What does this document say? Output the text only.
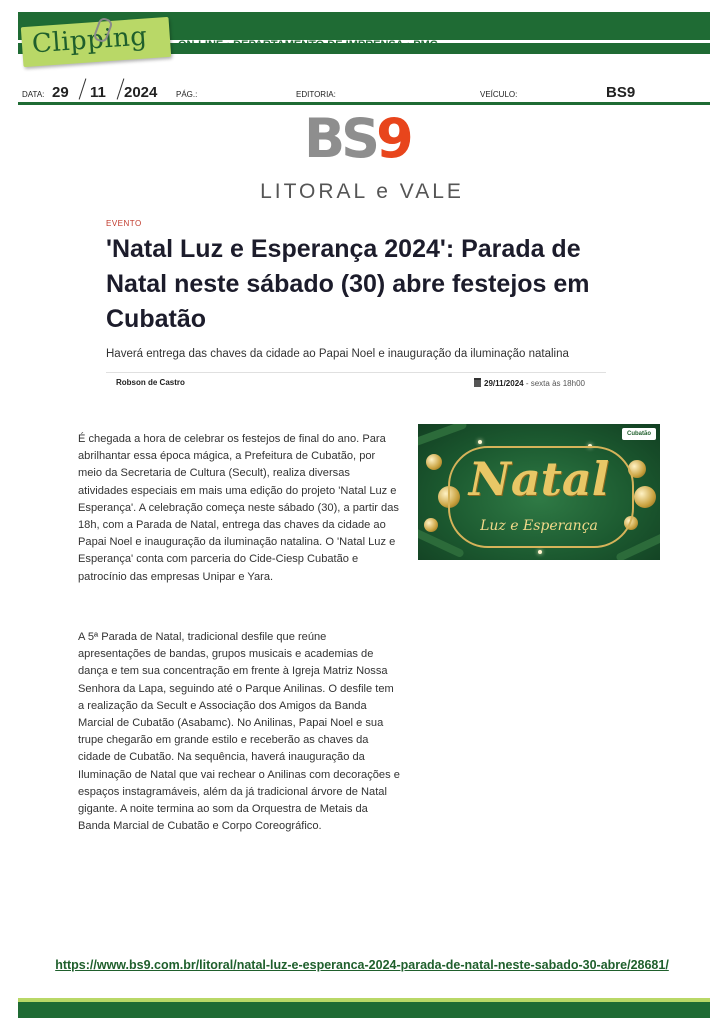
Clipping	ON-LINE • DEPARTAMENTO DE IMPRENSA • PMC
DATA: 29 11 2024 PÁG.:	EDITORIA:	VEÍCULO:	BS9
BS9
LITORAL e VALE
EVENTO
'Natal Luz e Esperança 2024': Parada de Natal neste sábado (30) abre festejos em Cubatão
Haverá entrega das chaves da cidade ao Papai Noel e inauguração da iluminação natalina
Robson de Castro	29/11/2024 - sexta às 18h00

É chegada a hora de celebrar os festejos de final do ano. Para abrilhantar essa época mágica, a Prefeitura de Cubatão, por meio da Secretaria de Cultura (Secult), realiza diversas atividades especiais em mais uma edição do projeto 'Natal Luz e Esperança'. A celebração começa neste sábado (30), a partir das 18h, com a Parada de Natal, entrega das chaves da cidade ao Papai Noel e inauguração da iluminação natalina. O 'Natal Luz e Esperança' conta com parceria do Cide-Ciesp Cubatão e patrocínio das empresas Unipar e Yara.

A 5ª Parada de Natal, tradicional desfile que reúne apresentações de bandas, grupos musicais e academias de dança e tem sua concentração em frente à Igreja Matriz Nossa Senhora da Lapa, seguindo até o Parque Anilinas. O desfile tem a realização da Secult e Associação dos Amigos da Banda Marcial de Cubatão (Asabamc). No Anilinas, Papai Noel e sua trupe chegarão em grande estilo e receberão as chaves da cidade de Cubatão. Na sequência, haverá inauguração da Iluminação de Natal que vai rechear o Anilinas com decorações e espaços instagramáveis, além da já tradicional árvore de Natal gigante. A noite termina ao som da Orquestra de Metais da Banda Marcial de Cubatão e Corpo Coreográfico.

Natal
Luz e Esperança
Cubatão
https://www.bs9.com.br/litoral/natal-luz-e-esperanca-2024-parada-de-natal-neste-sabado-30-abre/28681/
